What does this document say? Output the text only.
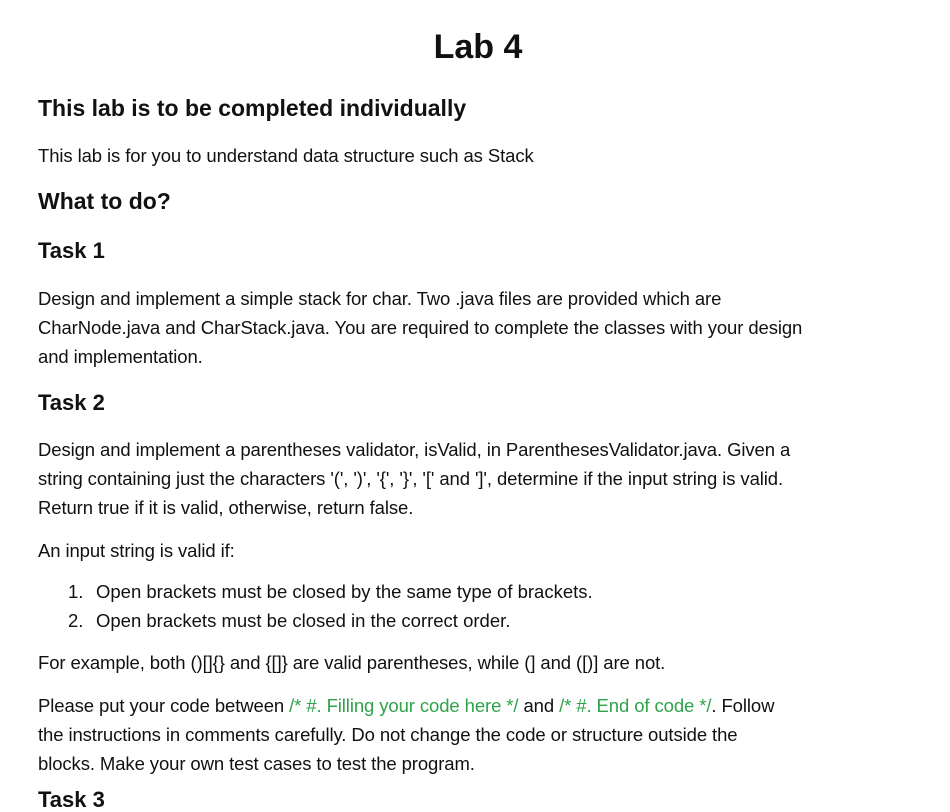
Lab 4
This lab is to be completed individually

This lab is for you to understand data structure such as Stack

What to do?
Task 1
Design and implement a simple stack for char. Two .java files are provided which are
CharNode.java and CharStack.java. You are required to complete the classes with your design
and implementation.
Task 2
Design and implement a parentheses validator, isValid, in ParenthesesValidator.java. Given a
string containing just the characters '(', ')', '{', '}', '[' and ']', determine if the input string is valid.
Return true if it is valid, otherwise, return false.

An input string is valid if:

1. Open brackets must be closed by the same type of brackets.
2. Open brackets must be closed in the correct order.

For example, both ()[]{} and {[]} are valid parentheses, while (] and ([)] are not.

Please put your code between /* #. Filling your code here */ and /* #. End of code */. Follow
the instructions in comments carefully. Do not change the code or structure outside the
blocks. Make your own test cases to test the program.
Task 3
